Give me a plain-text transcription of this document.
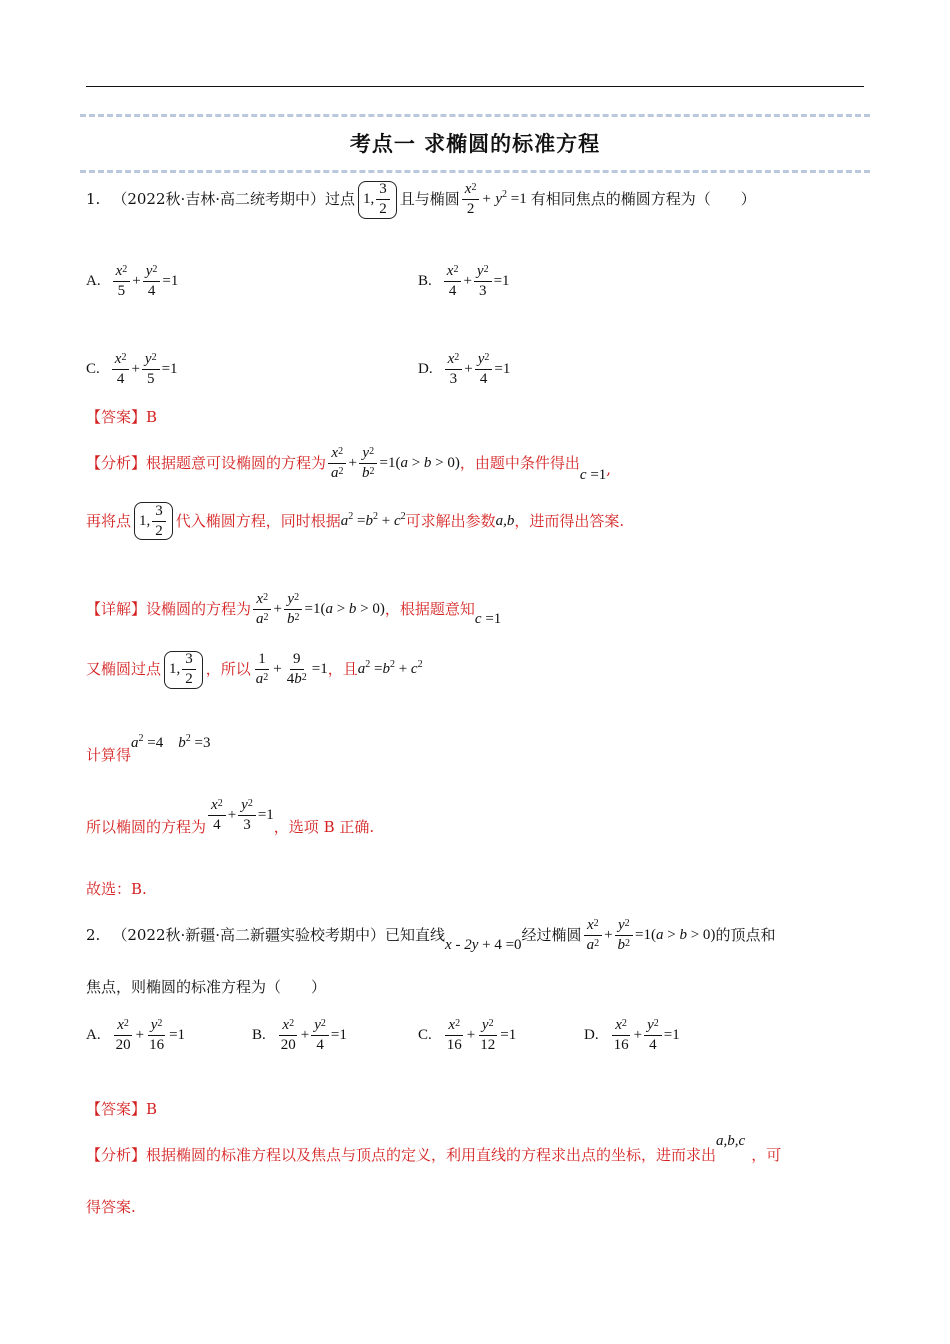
考点一 求椭圆的标准方程
1. （2022秋·吉林·高二统考期中）过点 1, $\frac{3}{2}$ 且与椭圆 $\frac{x^2}{2} + y^2 =1$ 有相同焦点的椭圆方程为（　　）
A. $\frac{x^2}{5} + \frac{y^2}{4} =1$	B. $\frac{x^2}{4} + \frac{y^2}{3} =1$
C. $\frac{x^2}{4} + \frac{y^2}{5} =1$	D. $\frac{x^2}{3} + \frac{y^2}{4} =1$
【答案】B
【分析】根据题意可设椭圆的方程为 $\frac{x^2}{a^2} + \frac{y^2}{b^2} =1(a > b > 0)$ ，由题中条件得出
c =1 ,
再将点 1, $\frac{3}{2}$ 代入椭圆方程，同时根据 $a^2 =b^2 + c^2$ 可求解出参数 a,b ，进而得出答案.
【详解】设椭圆的方程为 $\frac{x^2}{a^2} + \frac{y^2}{b^2} =1(a > b > 0)$ ，根据题意知
c =1
又椭圆过点 1, $\frac{3}{2}$ ，所以 $\frac{1}{a^2} + \frac{9}{4b^2} =1$ ，且 $a^2 =b^2 + c^2$
计算得
$a^2 =4$    $b^2 =3$
所以椭圆的方程为 $\frac{x^2}{4} + \frac{y^2}{3} =1$
，选项 B 正确.
故选：B.
2. （2022秋·新疆·高二新疆实验校考期中）已知直线
x - 2y + 4 =0
经过椭圆 $\frac{x^2}{a^2} + \frac{y^2}{b^2} =1(a > b > 0)$ 的顶点和
焦点，则椭圆的标准方程为（　　）
A. $\frac{x^2}{20} + \frac{y^2}{16} =1$	B. $\frac{x^2}{20} + \frac{y^2}{4} =1$	C. $\frac{x^2}{16} + \frac{y^2}{12} =1$	D. $\frac{x^2}{16} + \frac{y^2}{4} =1$
【答案】B
【分析】根据椭圆的标准方程以及焦点与顶点的定义，利用直线的方程求出点的坐标，进而求出
a,b,c
，可
得答案.
